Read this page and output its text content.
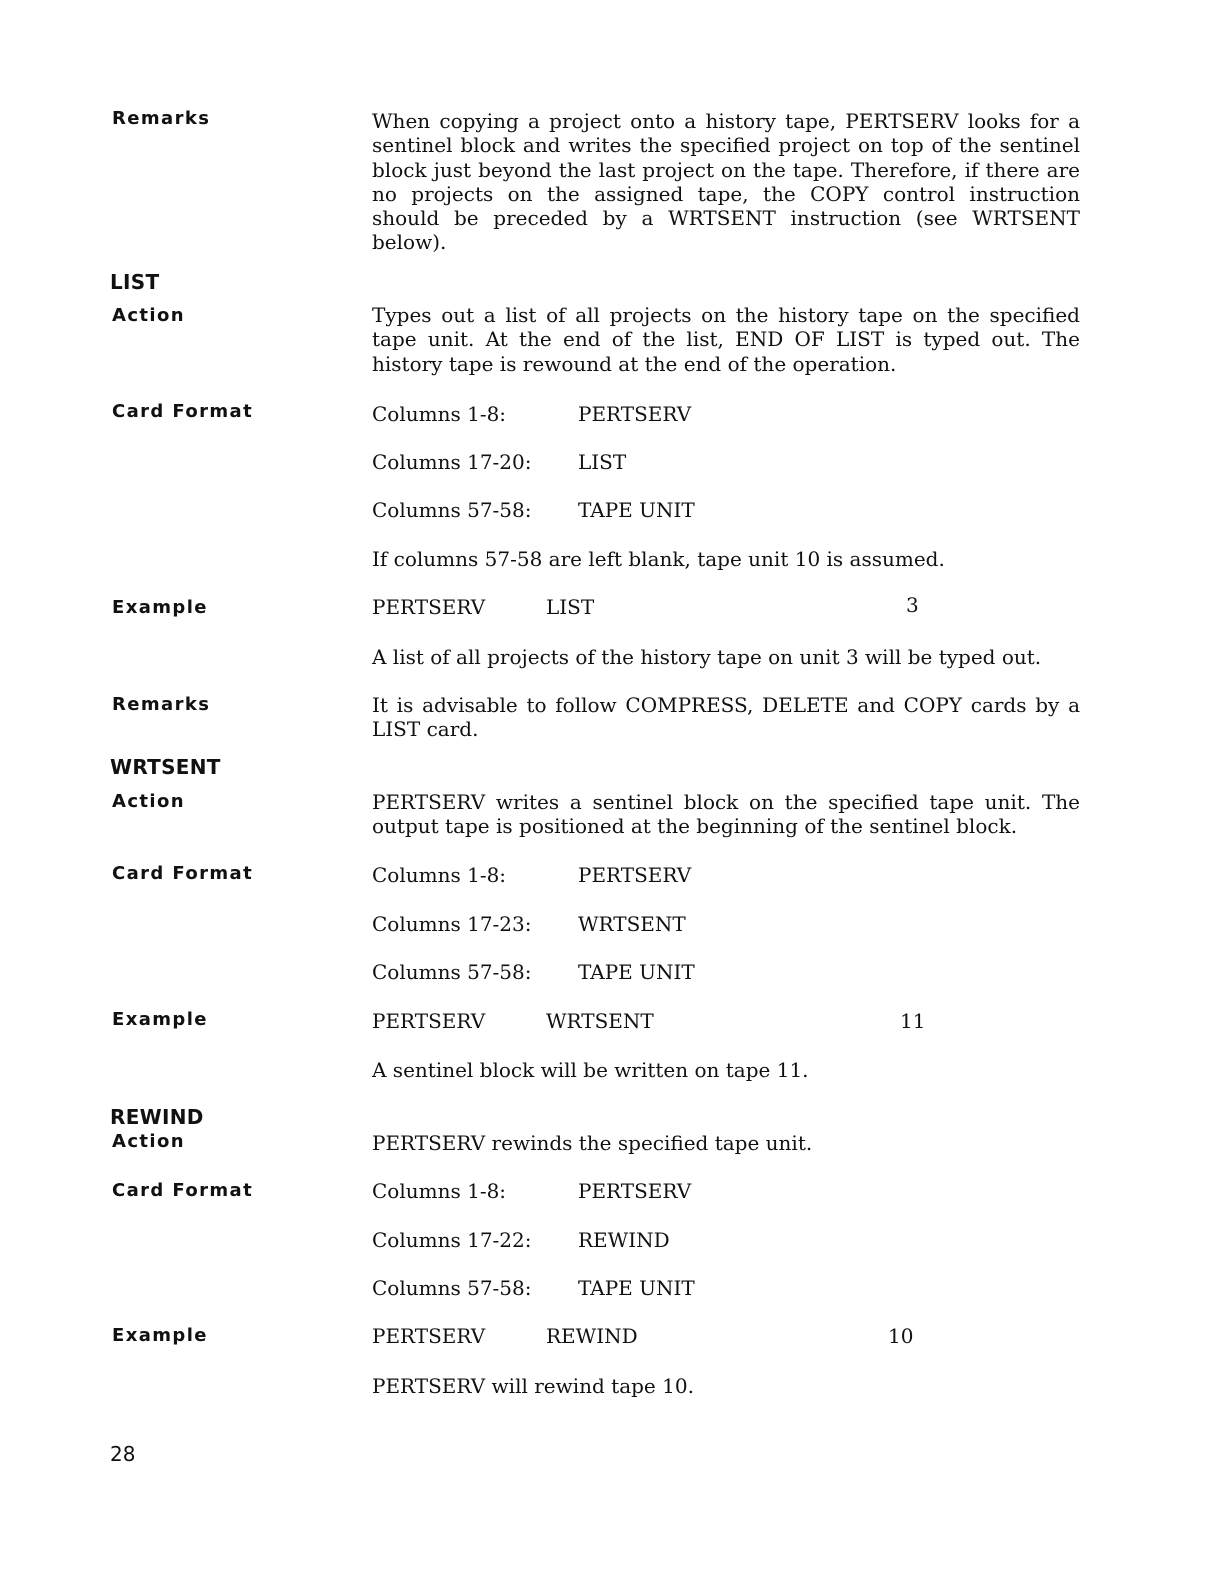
Remarks	When copying a project onto a history tape, PERTSERV looks for a sentinel block and writes the specified project on top of the sentinel block just beyond the last project on the tape. Therefore, if there are no projects on the assigned tape, the COPY control instruction should be preceded by a WRTSENT instruction (see WRTSENT below).
LIST
Action	Types out a list of all projects on the history tape on the specified tape unit. At the end of the list, END OF LIST is typed out. The history tape is rewound at the end of the operation.
Card Format	Columns 1-8:	PERTSERV
Columns 17-20: LIST
Columns 57-58: TAPE UNIT
If columns 57-58 are left blank, tape unit 10 is assumed.
Example	PERTSERV	LIST	3
A list of all projects of the history tape on unit 3 will be typed out.
Remarks	It is advisable to follow COMPRESS, DELETE and COPY cards by a LIST card.
WRTSENT
Action	PERTSERV writes a sentinel block on the specified tape unit. The output tape is positioned at the beginning of the sentinel block.
Card Format	Columns 1-8:	PERTSERV
Columns 17-23: WRTSENT
Columns 57-58: TAPE UNIT
Example	PERTSERV	WRTSENT	11
A sentinel block will be written on tape 11.
REWIND
Action	PERTSERV rewinds the specified tape unit.
Card Format	Columns 1-8:	PERTSERV
Columns 17-22: REWIND
Columns 57-58: TAPE UNIT
Example	PERTSERV	REWIND	10
PERTSERV will rewind tape 10.
28
